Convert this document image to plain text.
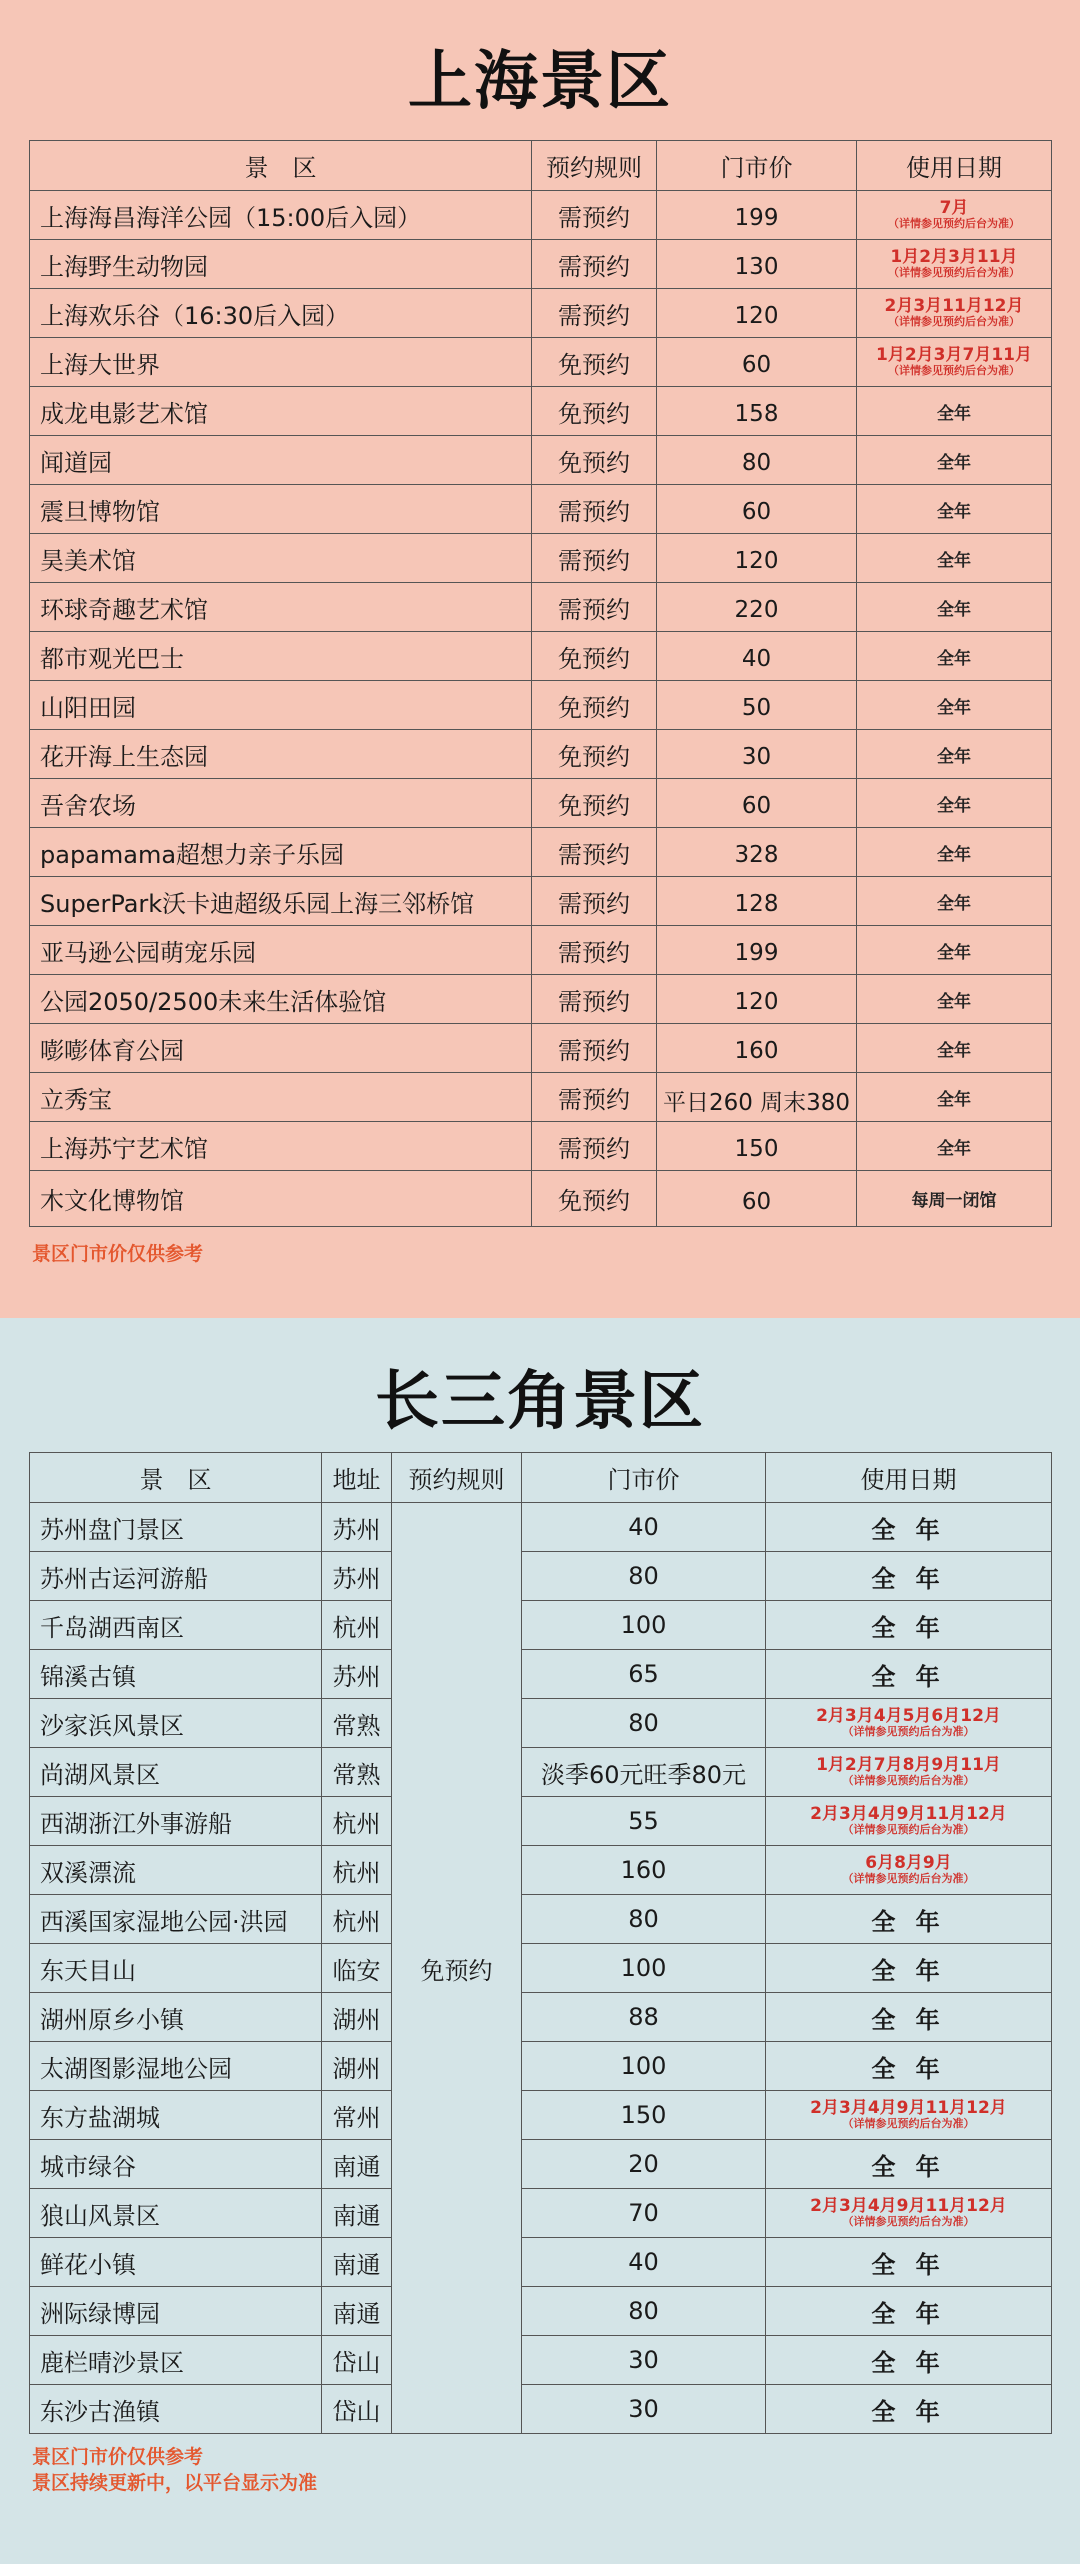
上海景区
景　区	预约规则	门市价	使用日期
上海海昌海洋公园（15:00后入园）	需预约	199	7月
（详情参见预约后台为准）

上海野生动物园	需预约	130	1月2月3月11月
（详情参见预约后台为准）

上海欢乐谷（16:30后入园）	需预约	120	2月3月11月12月
（详情参见预约后台为准）

上海大世界	免预约	60	1月2月3月7月11月
（详情参见预约后台为准）

成龙电影艺术馆	免预约	158	全年
闻道园	免预约	80	全年
震旦博物馆	需预约	60	全年
昊美术馆	需预约	120	全年
环球奇趣艺术馆	需预约	220	全年
都市观光巴士	免预约	40	全年
山阳田园	免预约	50	全年
花开海上生态园	免预约	30	全年
吾舍农场	免预约	60	全年
papamama超想力亲子乐园	需预约	328	全年
SuperPark沃卡迪超级乐园上海三邻桥馆	需预约	128	全年
亚马逊公园萌宠乐园	需预约	199	全年
公园2050/2500未来生活体验馆	需预约	120	全年
嘭嘭体育公园	需预约	160	全年
立秀宝	需预约	平日260 周末380	全年
上海苏宁艺术馆	需预约	150	全年
木文化博物馆	免预约	60	每周一闭馆
景区门市价仅供参考
长三角景区
景　区	地址	预约规则	门市价	使用日期
苏州盘门景区	苏州	免预约	40	全 年
苏州古运河游船	苏州		80	全 年
千岛湖西南区	杭州		100	全 年
锦溪古镇	苏州		65	全 年
沙家浜风景区	常熟		80	2月3月4月5月6月12月
（详情参见预约后台为准）

尚湖风景区	常熟		淡季60元旺季80元	1月2月7月8月9月11月
（详情参见预约后台为准）

西湖浙江外事游船	杭州		55	2月3月4月9月11月12月
（详情参见预约后台为准）

双溪漂流	杭州		160	6月8月9月
（详情参见预约后台为准）

西溪国家湿地公园·洪园	杭州		80	全 年
东天目山	临安		100	全 年
湖州原乡小镇	湖州		88	全 年
太湖图影湿地公园	湖州		100	全 年
东方盐湖城	常州		150	2月3月4月9月11月12月
（详情参见预约后台为准）

城市绿谷	南通		20	全 年
狼山风景区	南通		70	2月3月4月9月11月12月
（详情参见预约后台为准）

鲜花小镇	南通		40	全 年
洲际绿博园	南通		80	全 年
鹿栏晴沙景区	岱山		30	全 年
东沙古渔镇	岱山		30	全 年
景区门市价仅供参考
景区持续更新中，以平台显示为准
